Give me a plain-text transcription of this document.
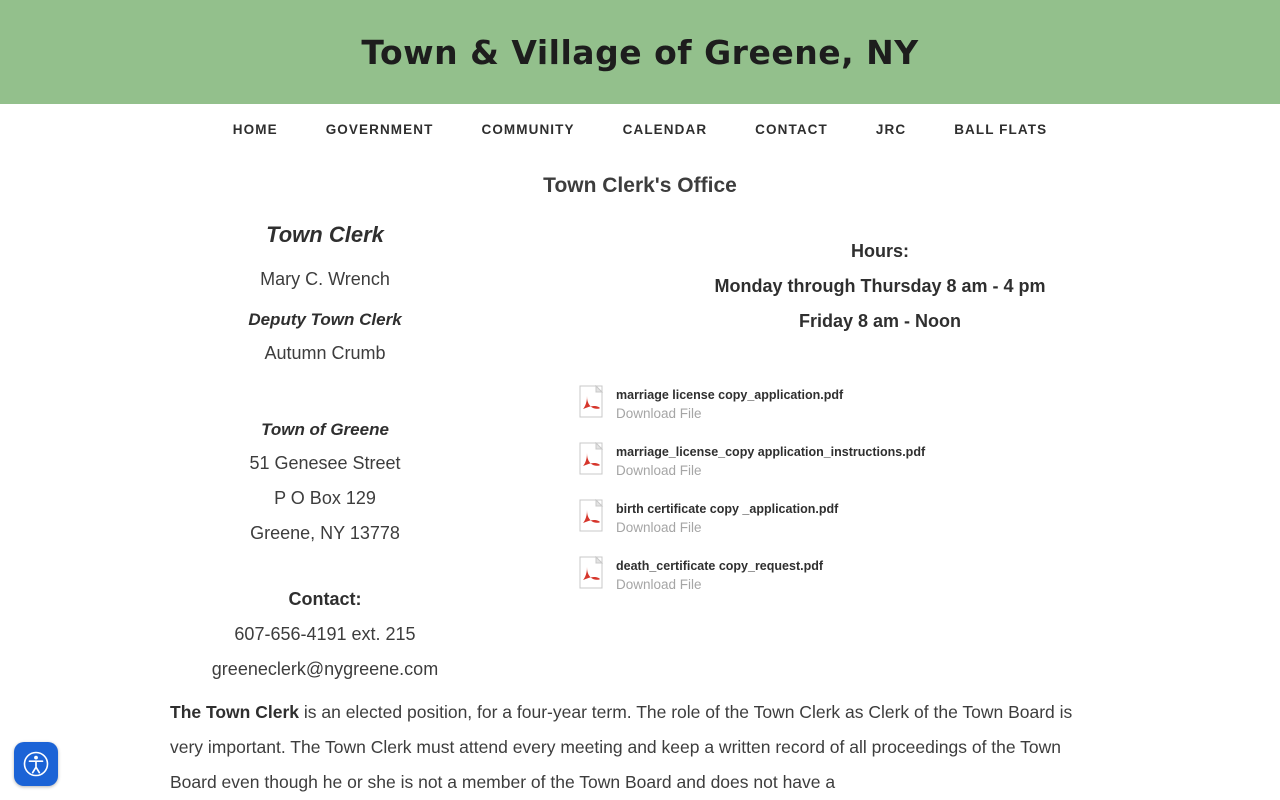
Town & Village of Greene, NY
HOME	GOVERNMENT	COMMUNITY	CALENDAR	CONTACT	JRC	BALL FLATS
Town Clerk's Office
Town Clerk
Mary C. Wrench
Deputy Town Clerk
Autumn Crumb
Town of Greene
51 Genesee Street
P O Box 129
Greene, NY 13778
Contact:
607-656-4191 ext. 215
greeneclerk@nygreene.com
Hours:
Monday through Thursday 8 am - 4 pm
Friday 8 am - Noon
marriage license copy_application.pdf
Download File
marriage_license_copy application_instructions.pdf
Download File
birth certificate copy _application.pdf
Download File
death_certificate copy_request.pdf
Download File
The Town Clerk is an elected position, for a four-year term. The role of the Town Clerk as Clerk of the Town Board is very important. The Town Clerk must attend every meeting and keep a written record of all proceedings of the Town Board even though he or she is not a member of the Town Board and does not have a
